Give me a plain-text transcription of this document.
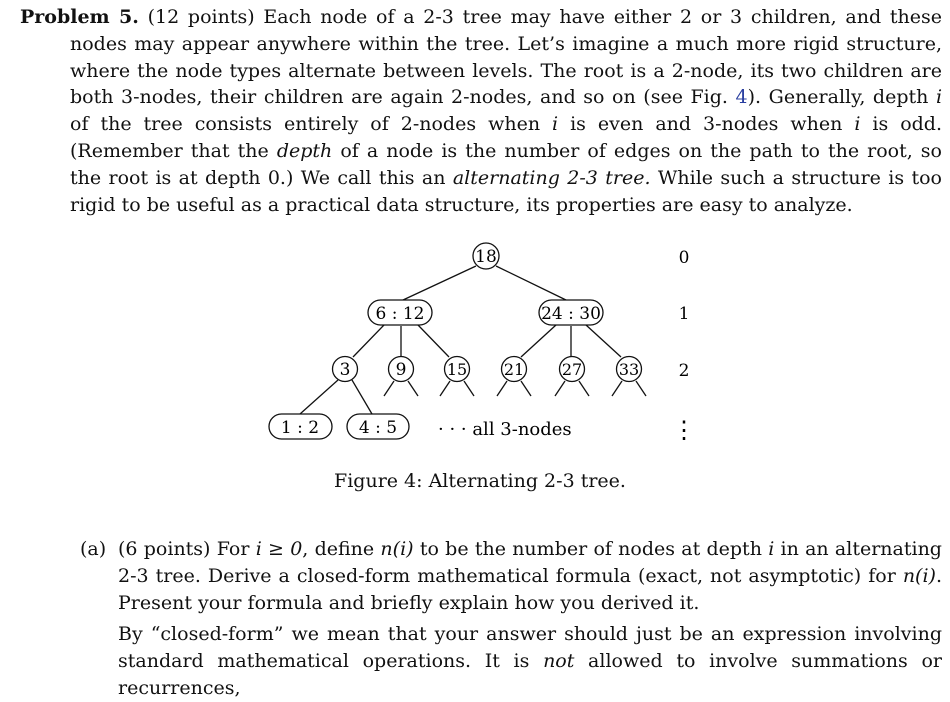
Problem 5. (12 points) Each node of a 2-3 tree may have either 2 or 3 children, and these nodes may appear anywhere within the tree. Let’s imagine a much more rigid structure, where the node types alternate between levels. The root is a 2-node, its two children are both 3-nodes, their children are again 2-nodes, and so on (see Fig. 4). Generally, depth i of the tree consists entirely of 2-nodes when i is even and 3-nodes when i is odd. (Remember that the depth of a node is the number of edges on the path to the root, so the root is at depth 0.) We call this an alternating 2-3 tree. While such a structure is too rigid to be useful as a practical data structure, its properties are easy to analyze.
18
6 : 12	24 : 30
3	9	15 21 27 33
1 : 2 4 : 5 · · · all 3-nodes
0
1
2
⋮
Figure 4: Alternating 2-3 tree.
(a) (6 points) For i ≥ 0, define n(i) to be the number of nodes at depth i in an alternating 2-3 tree. Derive a closed-form mathematical formula (exact, not asymptotic) for n(i). Present your formula and briefly explain how you derived it.
By “closed-form” we mean that your answer should just be an expression involving standard mathematical operations. It is not allowed to involve summations or recurrences,
